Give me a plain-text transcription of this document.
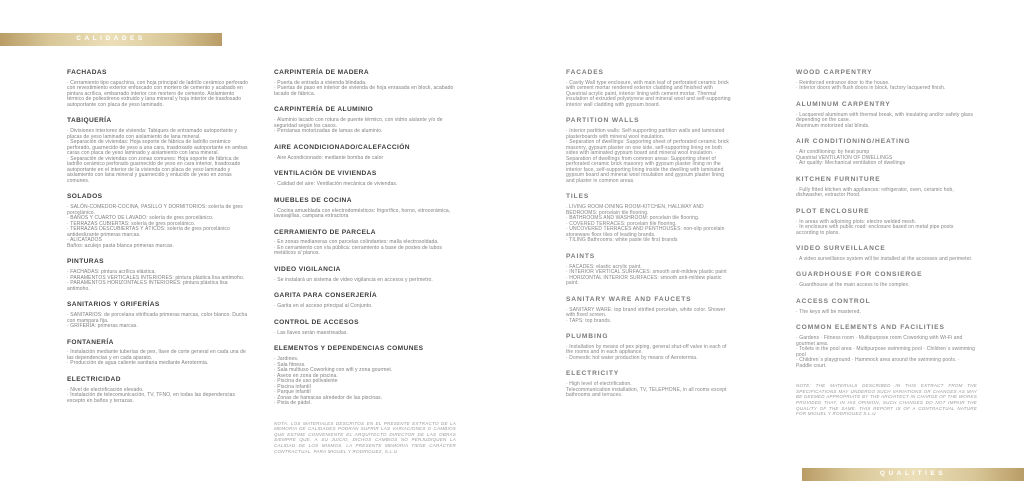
CALIDADES
FACHADAS

· Cerramiento tipo capuchina, con hoja principal de ladrillo cerámico perforado con revestimiento exterior enfoscado con mortero de cemento y acabado en pintura acrílica, embarrado interior con mortero de cemento. Aislamiento térmico de poliestireno extruido y lana mineral y hoja interior de trasdosado autoportante con placa de yeso laminado.

TABIQUERÍA

· Divisiones interiores de vivienda: Tabiques de entramado autoportante y placas de yeso laminado con aislamiento de lana mineral.

· Separación de viviendas: Hoja soporte de fábrica de ladrillo cerámico perforado, guarnecido de yeso a una cara, trasdosado autoportante en ambas caras con placa de yeso laminado y aislamiento con lana mineral.

· Separación de viviendas con zonas comunes: Hoja soporte de fábrica de ladrillo cerámico perforado guarnecido de yeso en cara interior, trasdosado autoportante en el interior de la vivienda con placa de yeso laminado y aislamiento con lana mineral y guarnecido y enlucido de yeso en zonas comunes.

SOLADOS

· SALÓN-COMEDOR-COCINA, PASILLO Y DORMITORIOS: solería de gres porcelánico.

· BAÑOS Y CUARTO DE LAVADO: solería de gres porcelánico.

· TERRAZAS CUBIERTAS: solería de gres porcelánico.

· TERRAZAS DESCUBIERTAS Y ÁTICOS: solería de gres porcelánico antideslizante primeras marcas.

· ALICATADOS

Baños: azulejo pasta blanca primeras marcas.

PINTURAS

· FACHADAS: pintura acrílica elástica.

· PARAMENTOS VERTICALES INTERIORES: pintura plástica lisa antimoho.

· PARAMENTOS HORIZONTALES INTERIORES: pintura plástica lisa antimoho.

SANITARIOS Y GRIFERÍAS

· SANITARIOS: de porcelana vitrificada primeras marcas, color blanco. Ducha con mampara fija.

· GRIFERÍA: primeras marcas.

FONTANERÍA

· Instalación mediante tuberías de pex, llave de corte general en cada una de las dependencias y en cada aparato.

· Producción de agua caliente sanitaria mediante Aerotermia.

ELECTRICIDAD

· Nivel de electrificación elevado.

· Instalación de telecomunicación, TV, TFNO, en todas las dependencias excepto en baños y terrazas.

CARPINTERÍA DE MADERA

· Puerta de entrada a vivienda blindada.

· Puertas de paso en interior de vivienda de hoja enrasada en block, acabado lacado de fábrica.

CARPINTERÍA DE ALUMINIO

· Aluminio lacado con rotura de puente térmico, con vidrio aislante y/o de seguridad según los casos.

· Persianas motorizadas de lamas de aluminio.

AIRE ACONDICIONADO/CALEFACCIÓN

· Aire Acondicionado: mediante bomba de calor

VENTILACIÓN DE VIVIENDAS

· Calidad del aire: Ventilación mecánica de viviendas.

MUEBLES DE COCINA

· Cocina amueblada con electrodomésticos: frigorífico, horno, vitrocerámica, lavavajillas, campana extractora

CERRAMIENTO DE PARCELA

· En zonas medianeras con parcelas colindantes: malla electrosoldada.

· En cerramiento con vía pública: cerramiento a base de postes de tubos metálicos s/ planos.

VIDEO VIGILANCIA

· Se instalará un sistema de video vigilancia en accesos y perímetro.

GARITA PARA CONSERJERÍA

· Garita en el acceso principal al Conjunto.

CONTROL DE ACCESOS

· Las llaves serán maestreadas.

ELEMENTOS Y DEPENDENCIAS COMUNES

· Jardines.

· Sala fitness.

· Sala multiuso Coworking con wifi y zona gourmet.

· Aseos en zona de piscina.

· Piscina de uso polivalente

· Piscina infantil

· Parque infantil

· Zonas de hamacas alrededor de las piscinas.

· Pista de pádel.

NOTA: LOS MATERIALES DESCRITOS EN EL PRESENTE EXTRACTO DE LA MEMORIA DE CALIDADES PODRÁN SUFRIR LAS VARIACIONES O CAMBIOS QUE ESTIME CONVENIENTE EL ARQUITECTO DIRECTOR DE LAS OBRAS SIEMPRE QUE, A SU JUICIO, DICHOS CAMBIOS NO PERJUDIQUEN LA CALIDAD DE LOS MISMOS. LA PRESENTE MEMORIA TIENE CARÁCTER CONTRACTUAL. PARA MIGUEL Y RODRÍGUEZ, S.L.U

FACADES

· Cavity Wall type enclosure, with main leaf of perforated ceramic brick with cement mortar rendered exterior cladding and finished with Questrial acrylic paint, interior lining with cement mortar. Thermal insulation of extruded polystyrene and mineral wool and self-supporting interior wall cladding with gypsum board.

PARTITION WALLS

· Interior partition walls: Self-supporting partition walls and laminated plasterboards with mineral wool insulation.

· Separation of dwellings: Supporting sheet of perforated ceramic brick masonry, gypsum plaster on one side, self-supporting lining on both sides with laminated gypsum board and mineral wool insulation. · Separation of dwellings from common areas: Supporting sheet of perforated ceramic brick masonry with gypsum plaster lining on the interior face, self-supporting lining inside the dwelling with laminated gypsum board and mineral wool insulation and gypsum plaster lining and plaster in common areas.

TILES

. LIVING ROOM-DINING ROOM-KITCHEN, HALLWAY AND BEDROOMS: porcelain tile flooring.

· BATHROOMS AND WASHROOM: porcelain tile flooring.

· COVERED TERRACES: porcelain tile flooring.

· UNCOVERED TERRACES AND PENTHOUSES: non-slip porcelain stoneware floor tiles of leading brands.

· TILING Bathrooms: white paste tile first brands

PAINTS

· FACADES: elastic acrylic paint.

· INTERIOR VERTICAL SURFACES: smooth anti-mildew plastic paint

· HORIZONTAL INTERIOR SURFACES: smooth anti-mildew plastic paint.

SANITARY WARE AND FAUCETS

· SANITARY WARE: top brand vitrified porcelain, white color. Shower with fixed screen.

· TAPS: top brands.

PLUMBING

· Installation by means of pex piping, general shut-off valve in each of the rooms and in each appliance.

· Domestic hot water production by means of Aerotermia.

ELECTRICITY

· High level of electrification.

Telecommunication installation, TV, TELEPHONE, in all rooms except bathrooms and terraces.

WOOD CARPENTRY

· Reinforced entrance door to the house.

· Interior doors with flush doors in block, factory lacquered finish.

ALUMINUM CARPENTRY

· Lacquered aluminum with thermal break, with insulating and/or safety glass depending on the case.

Aluminum motorized slat blinds.

AIR CONDITIONING/HEATING

· Air conditioning: by heat pump

Questrial VENTILATION OF DWELLINGS

· Air quality: Mechanical ventilation of dwellings

KITCHEN FURNITURE

· Fully fitted kitchen with appliances: refrigerator, oven, ceramic hob, dishwasher, extractor Hood.

PLOT ENCLOSURE

· In areas with adjoining plots: electro welded mesh.

· In enclosure with public road: enclosure based on metal pipe posts according to plans.

VIDEO SURVEILLANCE

· A video surveillance system will be installed at the accesses and perimeter.

GUARDHOUSE FOR CONSIERGE

· Guardhouse at the main access to the complex.

ACCESS CONTROL

· The keys will be mastered.

COMMON ELEMENTS AND FACILITIES

· Gardens · Fitness room · Multipurpose room Coworking with Wi-Fi and gourmet area.

· Toilets in the pool area · Multipurpose swimming pool · Children´s swimming pool

· Children´s playground · Hammock area around the swimming pools. · Paddle court.

NOTE: THE MATERIALS DESCRIBED IN THIS EXTRACT FROM THE SPECIFICATIONS MAY UNDERGO SUCH VARIATIONS OR CHANGES AS MAY BE DEEMED APPROPRIATE BY THE ARCHITECT IN CHARGE OF THE WORKS PROVIDED THAT, IN HIS OPINION, SUCH CHANGES DO NOT IMPAIR THE QUALITY OF THE SAME. THIS REPORT IS OF A CONTRACTUAL NATURE FOR MIGUEL Y RODRIGUEZ S.L.U

QUALITIES
